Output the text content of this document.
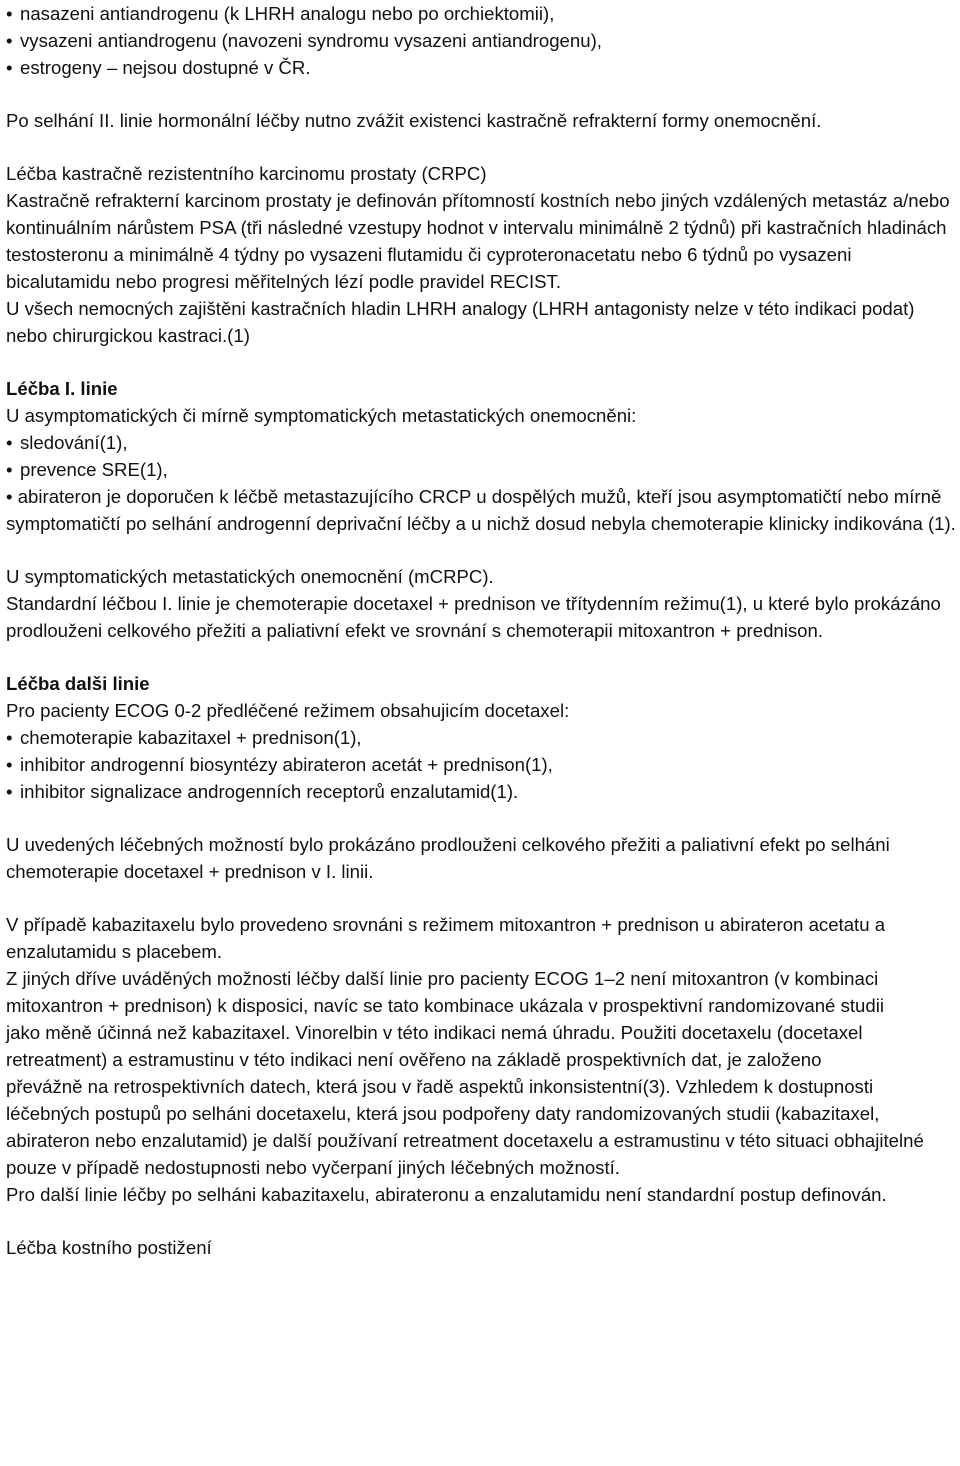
• nasazeni antiandrogenu (k LHRH analogu nebo po orchiektomii),
• vysazeni antiandrogenu (navozeni syndromu vysazeni antiandrogenu),
• estrogeny – nejsou dostupné v ČR.

Po selhání II. linie hormonální léčby nutno zvážit existenci kastračně refrakterní formy onemocnění.

Léčba kastračně rezistentního karcinomu prostaty (CRPC)

Kastračně refrakterní karcinom prostaty je definován přítomností kostních nebo jiných vzdálených metastáz a/nebo kontinuálním nárůstem PSA (tři následné vzestupy hodnot v intervalu minimálně 2 týdnů) při kastračních hladinách testosteronu a minimálně 4 týdny po vysazeni flutamidu či cyproteronacetatu nebo 6 týdnů po vysazeni bicalutamidu nebo progresi měřitelných lézí podle pravidel RECIST.

U všech nemocných zajištěni kastračních hladin LHRH analogy (LHRH antagonisty nelze v této indikaci podat) nebo chirurgickou kastraci.(1)

Léčba I. linie

U asymptomatických či mírně symptomatických metastatických onemocněni:

• sledování(1),
• prevence SRE(1),

• abirateron je doporučen k léčbě metastazujícího CRCP u dospělých mužů, kteří jsou asymptomatičtí nebo mírně symptomatičtí po selhání androgenní deprivační léčby a u nichž dosud nebyla chemoterapie klinicky indikována (1).

U symptomatických metastatických onemocnění (mCRPC).

Standardní léčbou I. linie je chemoterapie docetaxel + prednison ve třítydenním režimu(1), u které bylo prokázáno prodlouženi celkového přežiti a paliativní efekt ve srovnání s chemoterapii mitoxantron + prednison.

Léčba dalši linie

Pro pacienty ECOG 0-2 předléčené režimem obsahujicím docetaxel:

• chemoterapie kabazitaxel + prednison(1),
• inhibitor androgenní biosyntézy abirateron acetát + prednison(1),
• inhibitor signalizace androgenních receptorů enzalutamid(1).

U uvedených léčebných možností bylo prokázáno prodlouženi celkového přežiti a paliativní efekt po selháni chemoterapie docetaxel + prednison v I. linii.

V případě kabazitaxelu bylo provedeno srovnáni s režimem mitoxantron + prednison u abirateron acetatu a enzalutamidu s placebem.

Z jiných dříve uváděných možnosti léčby další linie pro pacienty ECOG 1–2 není mitoxantron (v kombinaci mitoxantron + prednison) k disposici, navíc se tato kombinace ukázala v prospektivní randomizované studii

jako měně účinná než kabazitaxel. Vinorelbin v této indikaci nemá úhradu. Použiti docetaxelu (docetaxel retreatment) a estramustinu v této indikaci není ověřeno na základě prospektivních dat, je založeno

převážně na retrospektivních datech, která jsou v řadě aspektů inkonsistentní(3). Vzhledem k dostupnosti léčebných postupů po selháni docetaxelu, která jsou podpořeny daty randomizovaných studii (kabazitaxel, abirateron nebo enzalutamid) je další používaní retreatment docetaxelu a estramustinu v této situaci obhajitelné pouze v případě nedostupnosti nebo vyčerpaní jiných léčebných možností.

Pro další linie léčby po selháni kabazitaxelu, abirateronu a enzalutamidu není standardní postup definován.

Léčba kostního postižení
